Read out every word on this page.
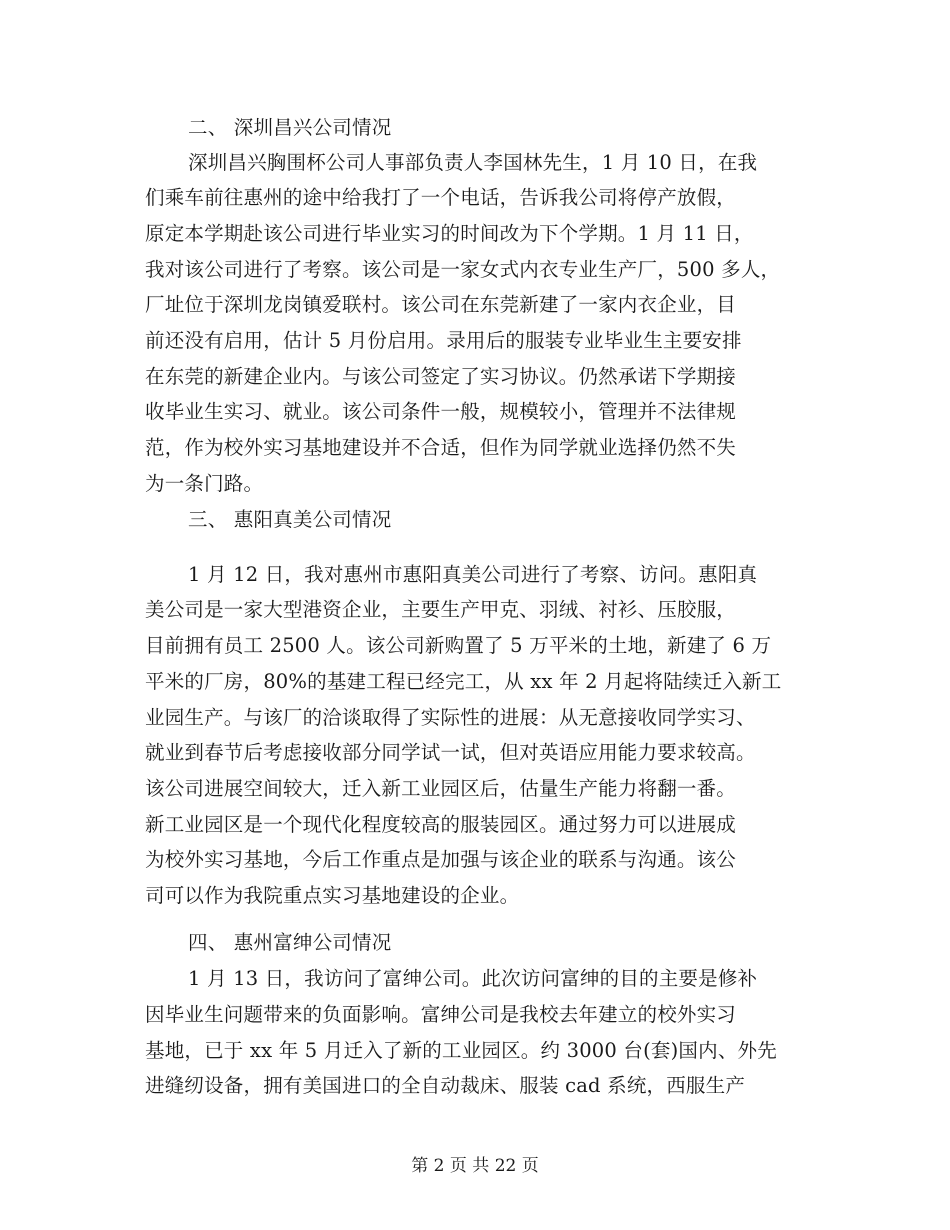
二、 深圳昌兴公司情况
深圳昌兴胸围杯公司人事部负责人李国林先生，1 月 10 日，在我
们乘车前往惠州的途中给我打了一个电话，告诉我公司将停产放假，
原定本学期赴该公司进行毕业实习的时间改为下个学期。1 月 11 日，
我对该公司进行了考察。该公司是一家女式内衣专业生产厂，500 多人，
厂址位于深圳龙岗镇爱联村。该公司在东莞新建了一家内衣企业，目
前还没有启用，估计 5 月份启用。录用后的服装专业毕业生主要安排
在东莞的新建企业内。与该公司签定了实习协议。仍然承诺下学期接
收毕业生实习、就业。该公司条件一般，规模较小，管理并不法律规
范，作为校外实习基地建设并不合适，但作为同学就业选择仍然不失
为一条门路。
三、 惠阳真美公司情况
1 月 12 日，我对惠州市惠阳真美公司进行了考察、访问。惠阳真
美公司是一家大型港资企业，主要生产甲克、羽绒、衬衫、压胶服，
目前拥有员工 2500 人。该公司新购置了 5 万平米的土地，新建了 6 万
平米的厂房，80%的基建工程已经完工，从 xx 年 2 月起将陆续迁入新工
业园生产。与该厂的洽谈取得了实际性的进展：从无意接收同学实习、
就业到春节后考虑接收部分同学试一试，但对英语应用能力要求较高。
该公司进展空间较大，迁入新工业园区后，估量生产能力将翻一番。
新工业园区是一个现代化程度较高的服装园区。通过努力可以进展成
为校外实习基地，今后工作重点是加强与该企业的联系与沟通。该公
司可以作为我院重点实习基地建设的企业。
四、 惠州富绅公司情况
1 月 13 日，我访问了富绅公司。此次访问富绅的目的主要是修补
因毕业生问题带来的负面影响。富绅公司是我校去年建立的校外实习
基地，已于 xx 年 5 月迁入了新的工业园区。约 3000 台(套)国内、外先
进缝纫设备，拥有美国进口的全自动裁床、服装 cad 系统，西服生产
第 2 页 共 22 页
